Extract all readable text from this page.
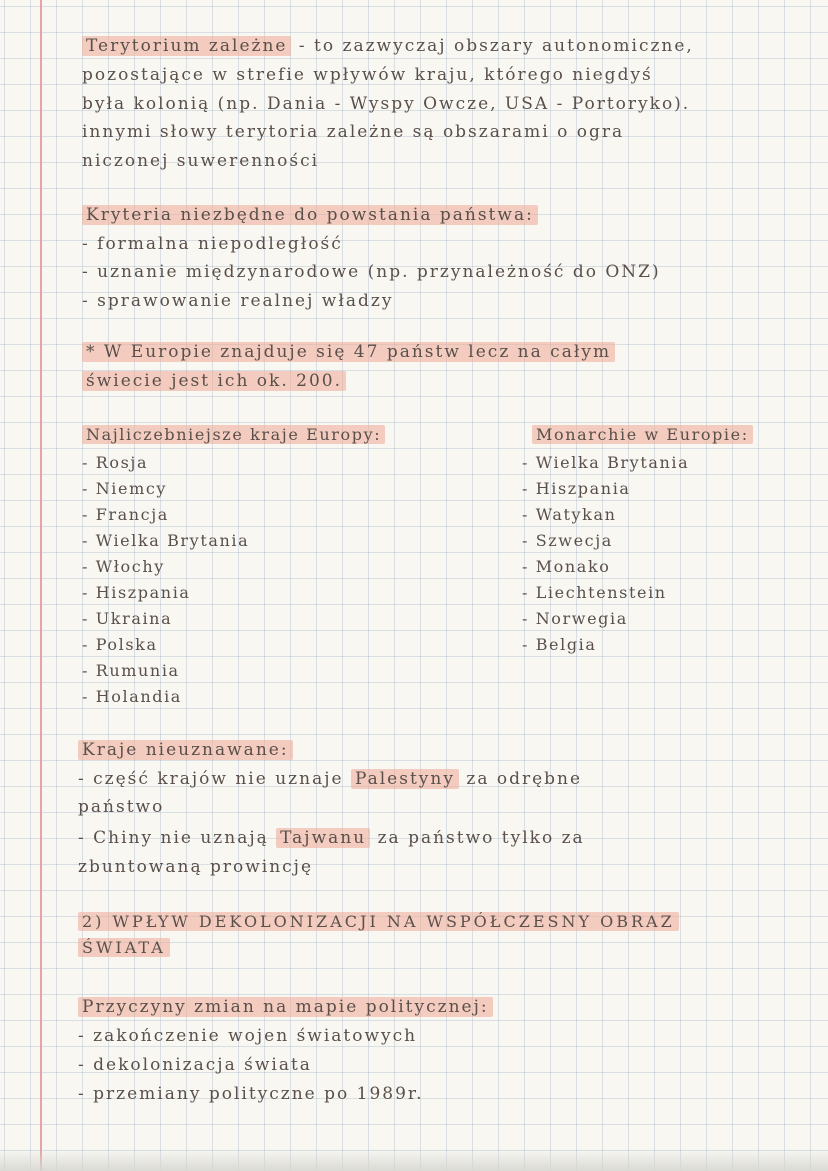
Terytorium zależne - to zazwyczaj obszary autonomiczne,
pozostające w strefie wpływów kraju, którego niegdyś
była kolonią (np. Dania - Wyspy Owcze, USA - Portoryko).
innymi słowy terytoria zależne są obszarami o ogra
niczonej suwerenności
Kryteria niezbędne do powstania państwa:
- formalna niepodległość
- uznanie międzynarodowe (np. przynależność do ONZ)
- sprawowanie realnej władzy
* W Europie znajduje się 47 państw lecz na całym
świecie jest ich ok. 200.
Najliczebniejsze kraje Europy:
- Rosja
- Niemcy
- Francja
- Wielka Brytania
- Włochy
- Hiszpania
- Ukraina
- Polska
- Rumunia
- Holandia
Monarchie w Europie:
- Wielka Brytania
- Hiszpania
- Watykan
- Szwecja
- Monako
- Liechtenstein
- Norwegia
- Belgia
Kraje nieuznawane:
- część krajów nie uznaje Palestyny za odrębne
państwo
- Chiny nie uznają Tajwanu za państwo tylko za
zbuntowaną prowincję
2) WPŁYW DEKOLONIZACJI NA WSPÓŁCZESNY OBRAZ
ŚWIATA
Przyczyny zmian na mapie politycznej:
- zakończenie wojen światowych
- dekolonizacja świata
- przemiany polityczne po 1989r.
